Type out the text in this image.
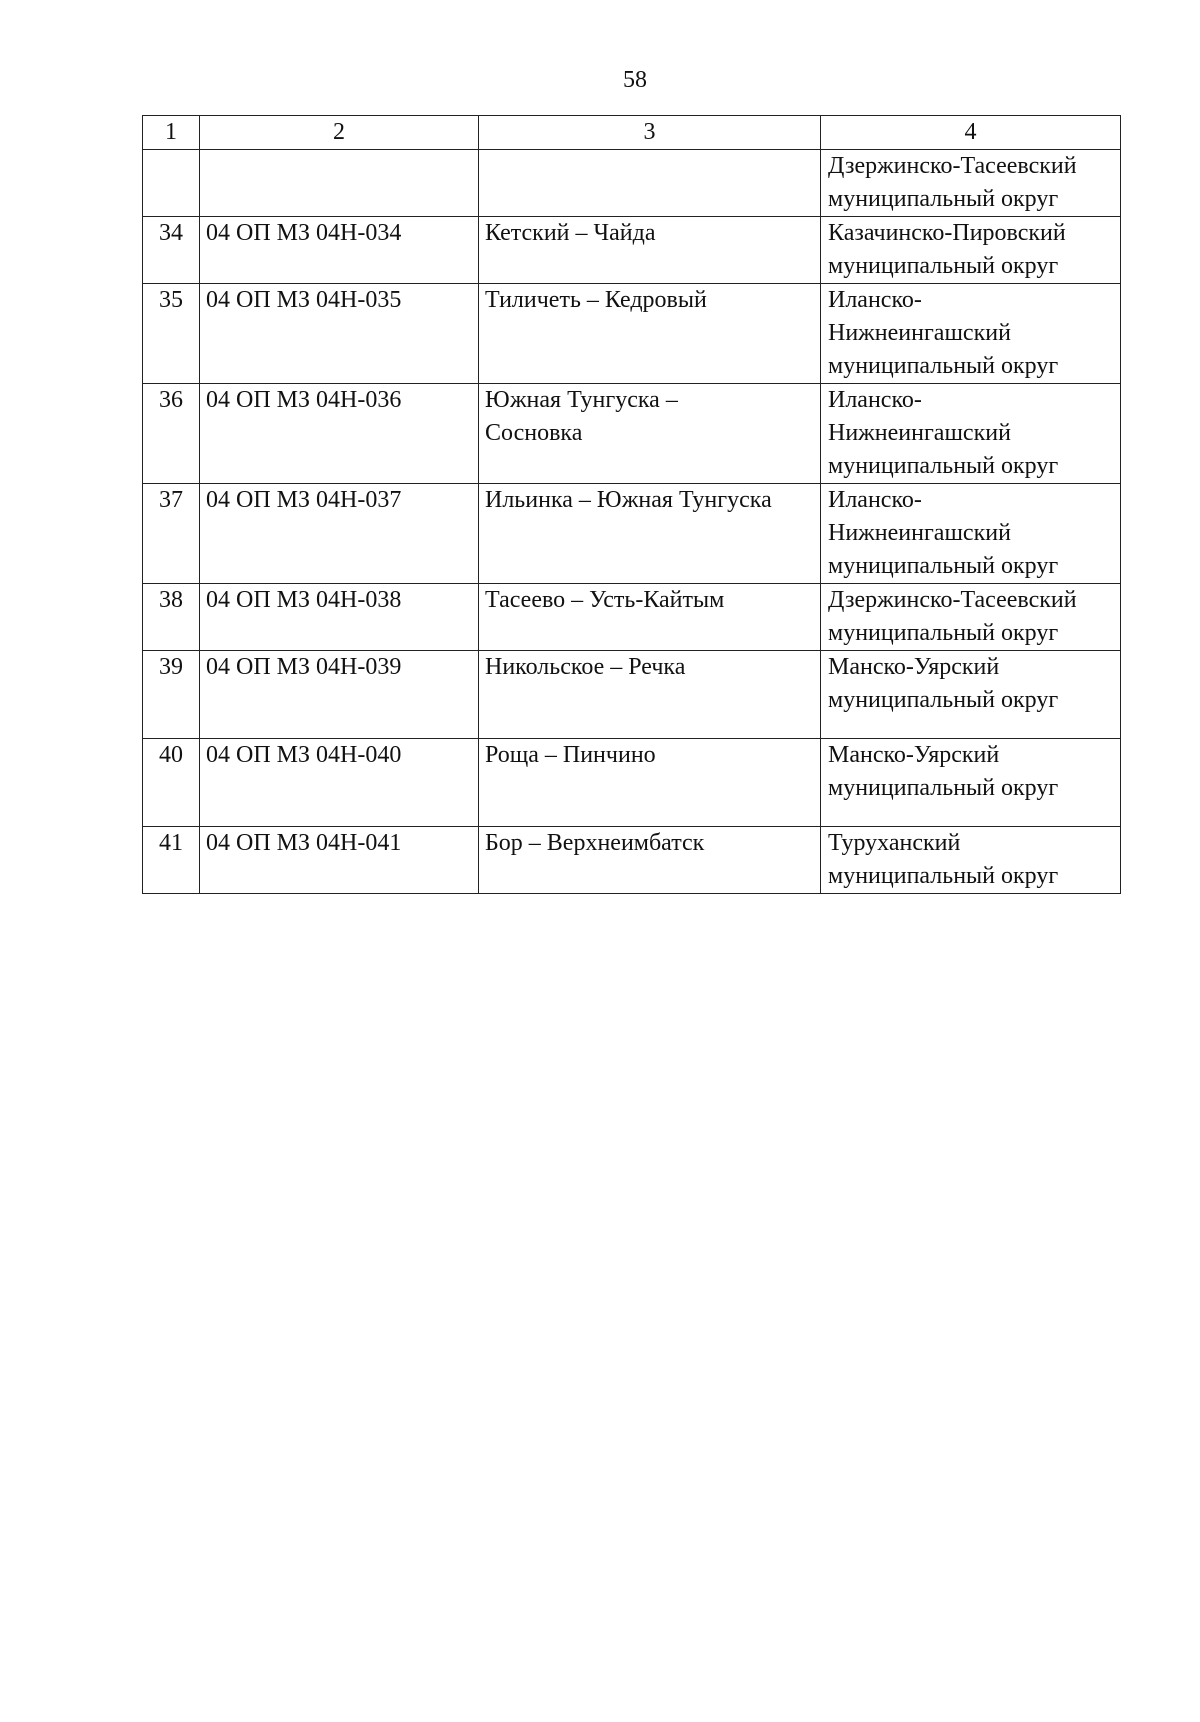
58
1	2	3	4

			Дзержинско-Тасеевский
муниципальный округ

34	04 ОП МЗ 04Н-034	Кетский – Чайда	Казачинско-Пировский
муниципальный округ

35	04 ОП МЗ 04Н-035	Тиличеть – Кедровый	Иланско-
Нижнеингашский
муниципальный округ

36	04 ОП МЗ 04Н-036	Южная Тунгуска –
Сосновка	Иланско-
Нижнеингашский
муниципальный округ

37	04 ОП МЗ 04Н-037	Ильинка – Южная Тунгуска	Иланско-
Нижнеингашский
муниципальный округ

38	04 ОП МЗ 04Н-038	Тасеево – Усть-Кайтым	Дзержинско-Тасеевский
муниципальный округ

39	04 ОП МЗ 04Н-039	Никольское – Речка	Манско-Уярский
муниципальный округ

40	04 ОП МЗ 04Н-040	Роща – Пинчино	Манско-Уярский
муниципальный округ

41	04 ОП МЗ 04Н-041	Бор – Верхнеимбатск	Туруханский
муниципальный округ
